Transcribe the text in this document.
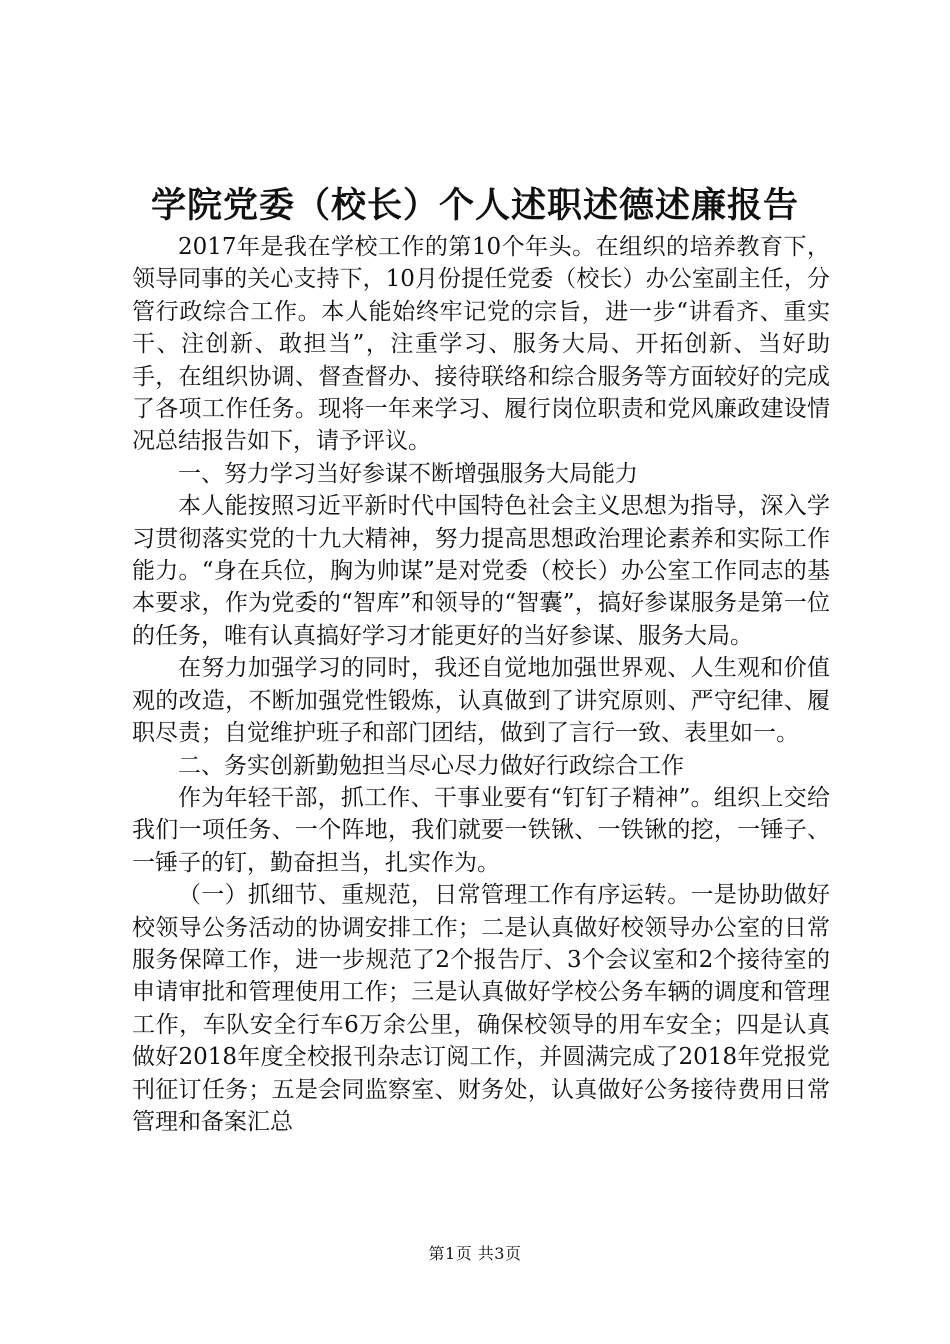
学院党委（校长）个人述职述德述廉报告

2017年是我在学校工作的第10个年头。在组织的培养教育下，领导同事的关心支持下，10月份提任党委（校长）办公室副主任，分管行政综合工作。本人能始终牢记党的宗旨，进一步“讲看齐、重实干、注创新、敢担当”，注重学习、服务大局、开拓创新、当好助手，在组织协调、督查督办、接待联络和综合服务等方面较好的完成了各项工作任务。现将一年来学习、履行岗位职责和党风廉政建设情况总结报告如下，请予评议。

一、努力学习当好参谋不断增强服务大局能力

本人能按照习近平新时代中国特色社会主义思想为指导，深入学习贯彻落实党的十九大精神，努力提高思想政治理论素养和实际工作能力。“身在兵位，胸为帅谋”是对党委（校长）办公室工作同志的基本要求，作为党委的“智库”和领导的“智囊”，搞好参谋服务是第一位的任务，唯有认真搞好学习才能更好的当好参谋、服务大局。

在努力加强学习的同时，我还自觉地加强世界观、人生观和价值观的改造，不断加强党性锻炼，认真做到了讲究原则、严守纪律、履职尽责；自觉维护班子和部门团结，做到了言行一致、表里如一。

二、务实创新勤勉担当尽心尽力做好行政综合工作

作为年轻干部，抓工作、干事业要有“钉钉子精神”。组织上交给我们一项任务、一个阵地，我们就要一铁锹、一铁锹的挖，一锤子、一锤子的钉，勤奋担当，扎实作为。

（一）抓细节、重规范，日常管理工作有序运转。一是协助做好校领导公务活动的协调安排工作；二是认真做好校领导办公室的日常服务保障工作，进一步规范了2个报告厅、3个会议室和2个接待室的申请审批和管理使用工作；三是认真做好学校公务车辆的调度和管理工作，车队安全行车6万余公里，确保校领导的用车安全；四是认真做好2018年度全校报刊杂志订阅工作，并圆满完成了2018年党报党刊征订任务；五是会同监察室、财务处，认真做好公务接待费用日常管理和备案汇总

第1页 共3页
